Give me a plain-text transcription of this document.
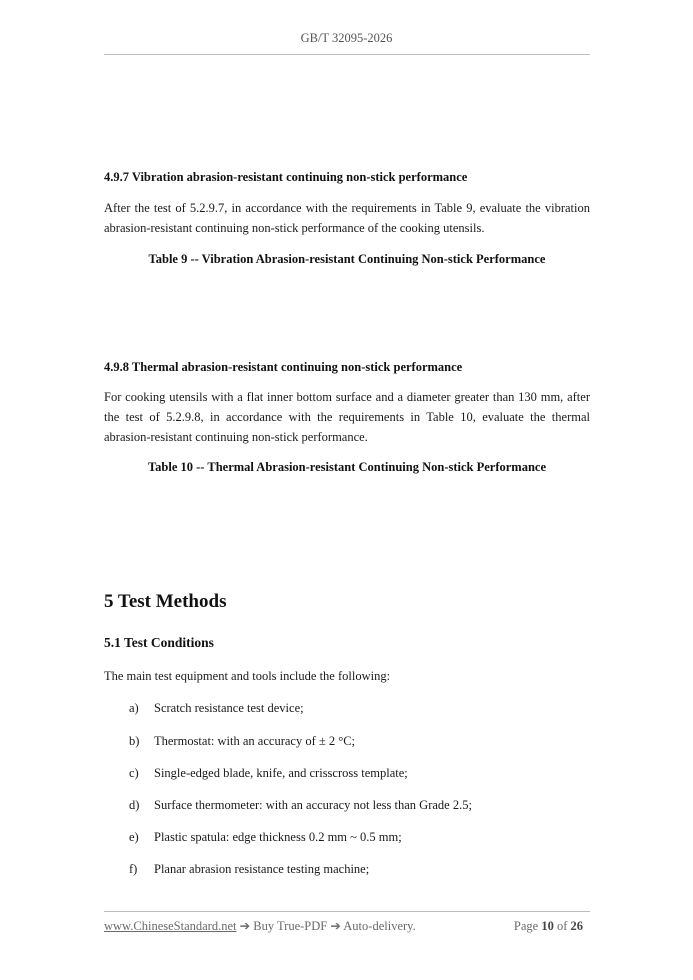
GB/T 32095-2026
4.9.7 Vibration abrasion-resistant continuing non-stick performance
After the test of 5.2.9.7, in accordance with the requirements in Table 9, evaluate the vibration abrasion-resistant continuing non-stick performance of the cooking utensils.
Table 9 -- Vibration Abrasion-resistant Continuing Non-stick Performance
4.9.8 Thermal abrasion-resistant continuing non-stick performance
For cooking utensils with a flat inner bottom surface and a diameter greater than 130 mm, after the test of 5.2.9.8, in accordance with the requirements in Table 10, evaluate the thermal abrasion-resistant continuing non-stick performance.
Table 10 -- Thermal Abrasion-resistant Continuing Non-stick Performance
5 Test Methods
5.1 Test Conditions
The main test equipment and tools include the following:
a) Scratch resistance test device;
b) Thermostat: with an accuracy of ± 2 °C;
c) Single-edged blade, knife, and crisscross template;
d) Surface thermometer: with an accuracy not less than Grade 2.5;
e) Plastic spatula: edge thickness 0.2 mm ~ 0.5 mm;
f) Planar abrasion resistance testing machine;
www.ChineseStandard.net ➔ Buy True-PDF ➔ Auto-delivery.	Page 10 of 26
